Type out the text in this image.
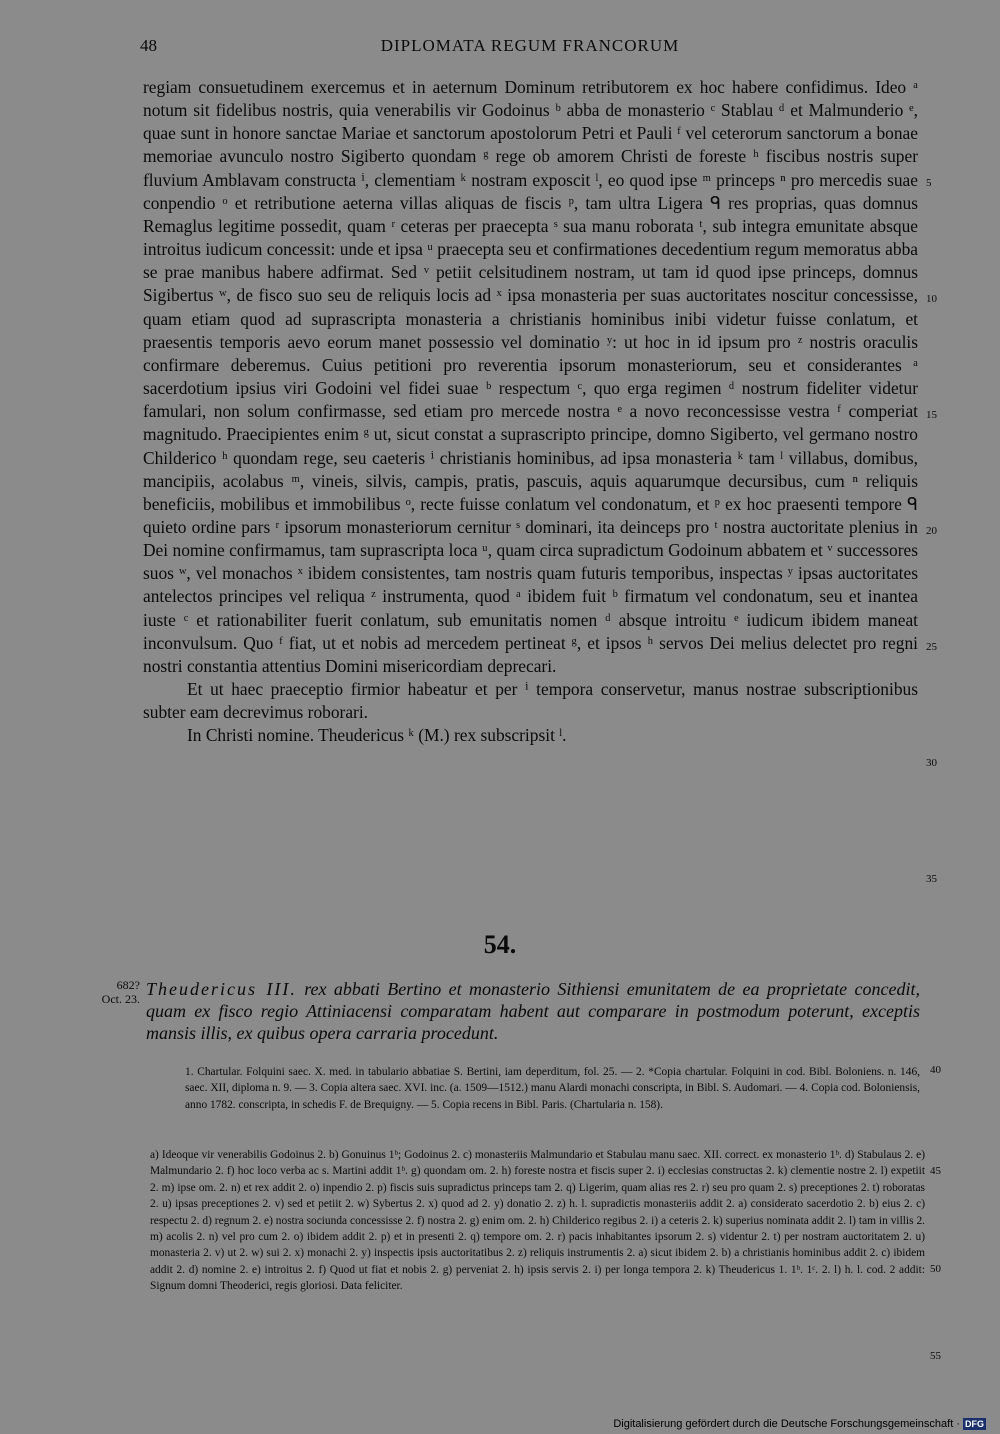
48	DIPLOMATA REGUM FRANCORUM

regiam consuetudinem exercemus et in aeternum Dominum retributorem ex hoc habere confidimus. Ideo ᵃ notum sit fidelibus nostris, quia venerabilis vir Godoinus ᵇ abba de monasterio ᶜ Stablau ᵈ et Malmunderio ᵉ, quae sunt in honore sanctae Mariae et sanctorum apostolorum Petri et Pauli ᶠ vel ceterorum sanctorum a bonae memoriae avunculo nostro Sigiberto quondam ᵍ rege ob amorem Christi de foreste ʰ fiscibus nostris super fluvium Amblavam constructa ⁱ, clementiam ᵏ nostram exposcit ˡ, eo quod ipse ᵐ princeps ⁿ pro mercedis suae conpendio ᵒ et retributione aeterna villas aliquas de fiscis ᵖ, tam ultra Ligera ᑫ res proprias, quas domnus Remaglus legitime possedit, quam ʳ ceteras per praecepta ˢ sua manu roborata ᵗ, sub integra emunitate absque introitus iudicum concessit: unde et ipsa ᵘ praecepta seu et confirmationes decedentium regum memoratus abba se prae manibus habere adfirmat. Sed ᵛ petiit celsitudinem nostram, ut tam id quod ipse princeps, domnus Sigibertus ʷ, de fisco suo seu de reliquis locis ad ˣ ipsa monasteria per suas auctoritates noscitur concessisse, quam etiam quod ad suprascripta monasteria a christianis hominibus inibi videtur fuisse conlatum, et praesentis temporis aevo eorum manet possessio vel dominatio ʸ: ut hoc in id ipsum pro ᶻ nostris oraculis confirmare deberemus. Cuius petitioni pro reverentia ipsorum monasteriorum, seu et considerantes ᵃ sacerdotium ipsius viri Godoini vel fidei suae ᵇ respectum ᶜ, quo erga regimen ᵈ nostrum fideliter videtur famulari, non solum confirmasse, sed etiam pro mercede nostra ᵉ a novo reconcessisse vestra ᶠ comperiat magnitudo. Praecipientes enim ᵍ ut, sicut constat a suprascripto principe, domno Sigiberto, vel germano nostro Childerico ʰ quondam rege, seu caeteris ⁱ christianis hominibus, ad ipsa monasteria ᵏ tam ˡ villabus, domibus, mancipiis, acolabus ᵐ, vineis, silvis, campis, pratis, pascuis, aquis aquarumque decursibus, cum ⁿ reliquis beneficiis, mobilibus et immobilibus ᵒ, recte fuisse conlatum vel condonatum, et ᵖ ex hoc praesenti tempore ᑫ quieto ordine pars ʳ ipsorum monasteriorum cernitur ˢ dominari, ita deinceps pro ᵗ nostra auctoritate plenius in Dei nomine confirmamus, tam suprascripta loca ᵘ, quam circa supradictum Godoinum abbatem et ᵛ successores suos ʷ, vel monachos ˣ ibidem consistentes, tam nostris quam futuris temporibus, inspectas ʸ ipsas auctoritates antelectos principes vel reliqua ᶻ instrumenta, quod ᵃ ibidem fuit ᵇ firmatum vel condonatum, seu et inantea iuste ᶜ et rationabiliter fuerit conlatum, sub emunitatis nomen ᵈ absque introitu ᵉ iudicum ibidem maneat inconvulsum. Quo ᶠ fiat, ut et nobis ad mercedem pertineat ᵍ, et ipsos ʰ servos Dei melius delectet pro regni nostri constantia attentius Domini misericordiam deprecari.

Et ut haec praeceptio firmior habeatur et per ⁱ tempora conservetur, manus nostrae subscriptionibus subter eam decrevimus roborari.

In Christi nomine. Theudericus ᵏ (M.) rex subscripsit ˡ.

5
10
15
20
25
30
35
54.
682?
Oct. 23. Theudericus III. rex abbati Bertino et monasterio Sithiensi emunitatem de ea proprietate concedit, quam ex fisco regio Attiniacensi comparatam habent aut comparare in postmodum poterunt, exceptis mansis illis, ex quibus opera carraria procedunt.

1. Chartular. Folquini saec. X. med. in tabulario abbatiae S. Bertini, iam deperditum, fol. 25. — 2. *Copia chartular. Folquini in cod. Bibl. Boloniens. n. 146, saec. XII, diploma n. 9. — 3. Copia altera saec. XVI. inc. (a. 1509—1512.) manu Alardi monachi conscripta, in Bibl. S. Audomari. — 4. Copia cod. Boloniensis, anno 1782. conscripta, in schedis F. de Brequigny. — 5. Copia recens in Bibl. Paris. (Chartularia n. 158).

40

a) Ideoque vir venerabilis Godoinus 2. b) Gonuinus 1ᵇ; Godoinus 2. c) monasteriis Malmundario et Stabulau manu saec. XII. correct. ex monasterio 1ᵇ. d) Stabulaus 2. e) Malmundario 2. f) hoc loco verba ac s. Martini addit 1ᵇ. g) quondam om. 2. h) foreste nostra et fiscis super 2. i) ecclesias constructas 2. k) clementie nostre 2. l) expetiit 2. m) ipse om. 2. n) et rex addit 2. o) inpendio 2. p) fiscis suis supradictus princeps tam 2. q) Ligerim, quam alias res 2. r) seu pro quam 2. s) preceptiones 2. t) roboratas 2. u) ipsas preceptiones 2. v) sed et petiit 2. w) Sybertus 2. x) quod ad 2. y) donatio 2. z) h. l. supradictis monasteriis addit 2. a) considerato sacerdotio 2. b) eius 2. c) respectu 2. d) regnum 2. e) nostra sociunda concessisse 2. f) nostra 2. g) enim om. 2. h) Childerico regibus 2. i) a ceteris 2. k) superius nominata addit 2. l) tam in villis 2. m) acolis 2. n) vel pro cum 2. o) ibidem addit 2. p) et in presenti 2. q) tempore om. 2. r) pacis inhabitantes ipsorum 2. s) videntur 2. t) per nostram auctoritatem 2. u) monasteria 2. v) ut 2. w) sui 2. x) monachi 2. y) inspectis ipsis auctoritatibus 2. z) reliquis instrumentis 2. a) sicut ibidem 2. b) a christianis hominibus addit 2. c) ibidem addit 2. d) nomine 2. e) introitus 2. f) Quod ut fiat et nobis 2. g) perveniat 2. h) ipsis servis 2. i) per longa tempora 2. k) Theudericus 1. 1ᵇ. 1ᶜ. 2. l) h. l. cod. 2 addit: Signum domni Theoderici, regis gloriosi. Data feliciter.

45
50
55
Digitalisierung gefördert durch die Deutsche Forschungsgemeinschaft · DFG
